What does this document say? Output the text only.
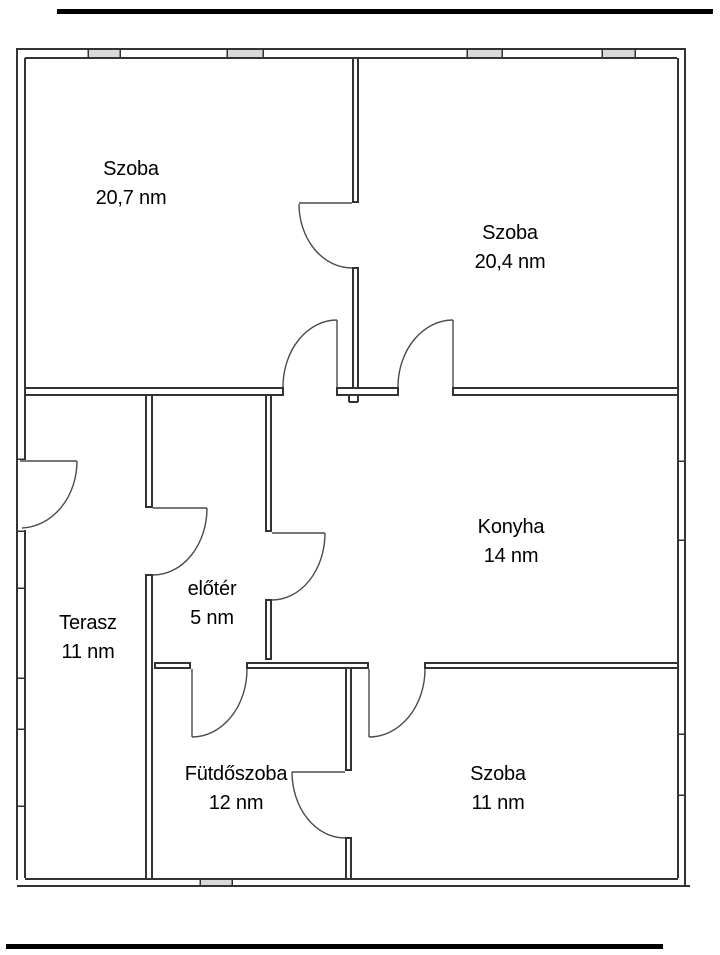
Szoba
20,7 nm
Szoba
20,4 nm
Konyha
14 nm
előtér
5 nm
Terasz
11 nm
Fütdőszoba
12 nm
Szoba
11 nm
